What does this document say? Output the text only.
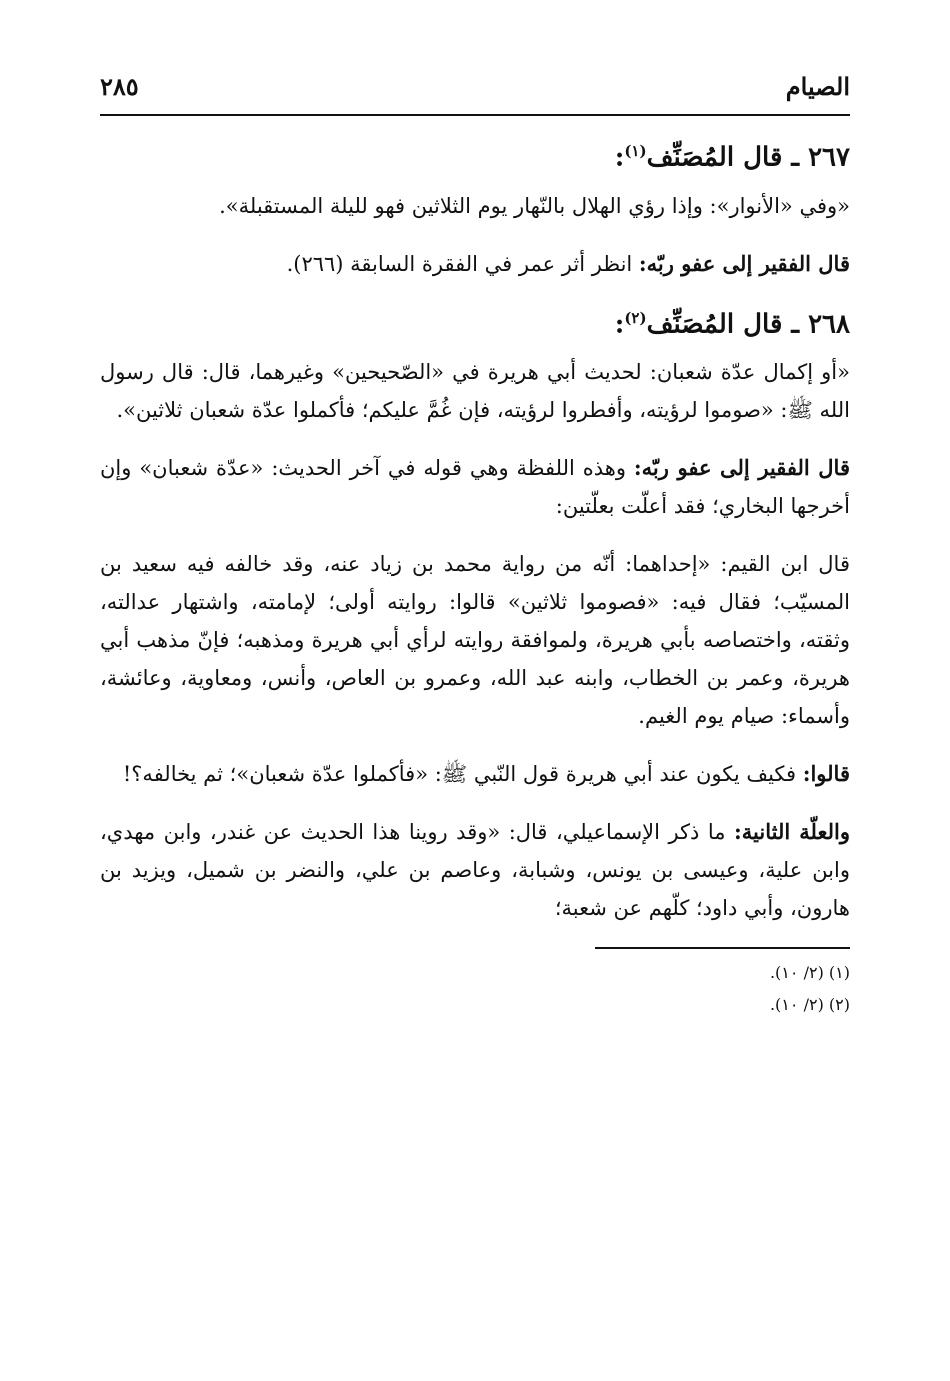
الصيام
٢٨٥
٢٦٧ ـ قال المُصَنِّف$^{(١)}$:

«وفي «الأنوار»: وإذا رؤي الهلال بالنّهار يوم الثلاثين فهو لليلة المستقبلة».

قال الفقير إلى عفو ربّه: انظر أثر عمر في الفقرة السابقة (٢٦٦).

٢٦٨ ـ قال المُصَنِّف$^{(٢)}$:

«أو إكمال عدّة شعبان: لحديث أبي هريرة في «الصّحيحين» وغيرهما، قال: قال رسول الله ﷺ: «صوموا لرؤيته، وأفطروا لرؤيته، فإن غُمَّ عليكم؛ فأكملوا عدّة شعبان ثلاثين».

قال الفقير إلى عفو ربّه: وهذه اللفظة وهي قوله في آخر الحديث: «عدّة شعبان» وإن أخرجها البخاري؛ فقد أعلّت بعلّتين:

قال ابن القيم: «إحداهما: أنّه من رواية محمد بن زياد عنه، وقد خالفه فيه سعيد بن المسيّب؛ فقال فيه: «فصوموا ثلاثين» قالوا: روايته أولى؛ لإمامته، واشتهار عدالته، وثقته، واختصاصه بأبي هريرة، ولموافقة روايته لرأي أبي هريرة ومذهبه؛ فإنّ مذهب أبي هريرة، وعمر بن الخطاب، وابنه عبد الله، وعمرو بن العاص، وأنس، ومعاوية، وعائشة، وأسماء: صيام يوم الغيم.

قالوا: فكيف يكون عند أبي هريرة قول النّبي ﷺ: «فأكملوا عدّة شعبان»؛ ثم يخالفه؟!

والعلّة الثانية: ما ذكر الإسماعيلي، قال: «وقد روينا هذا الحديث عن غندر، وابن مهدي، وابن علية، وعيسى بن يونس، وشبابة، وعاصم بن علي، والنضر بن شميل، ويزيد بن هارون، وأبي داود؛ كلّهم عن شعبة؛

(١) (٢/ ١٠).

(٢) (٢/ ١٠).
